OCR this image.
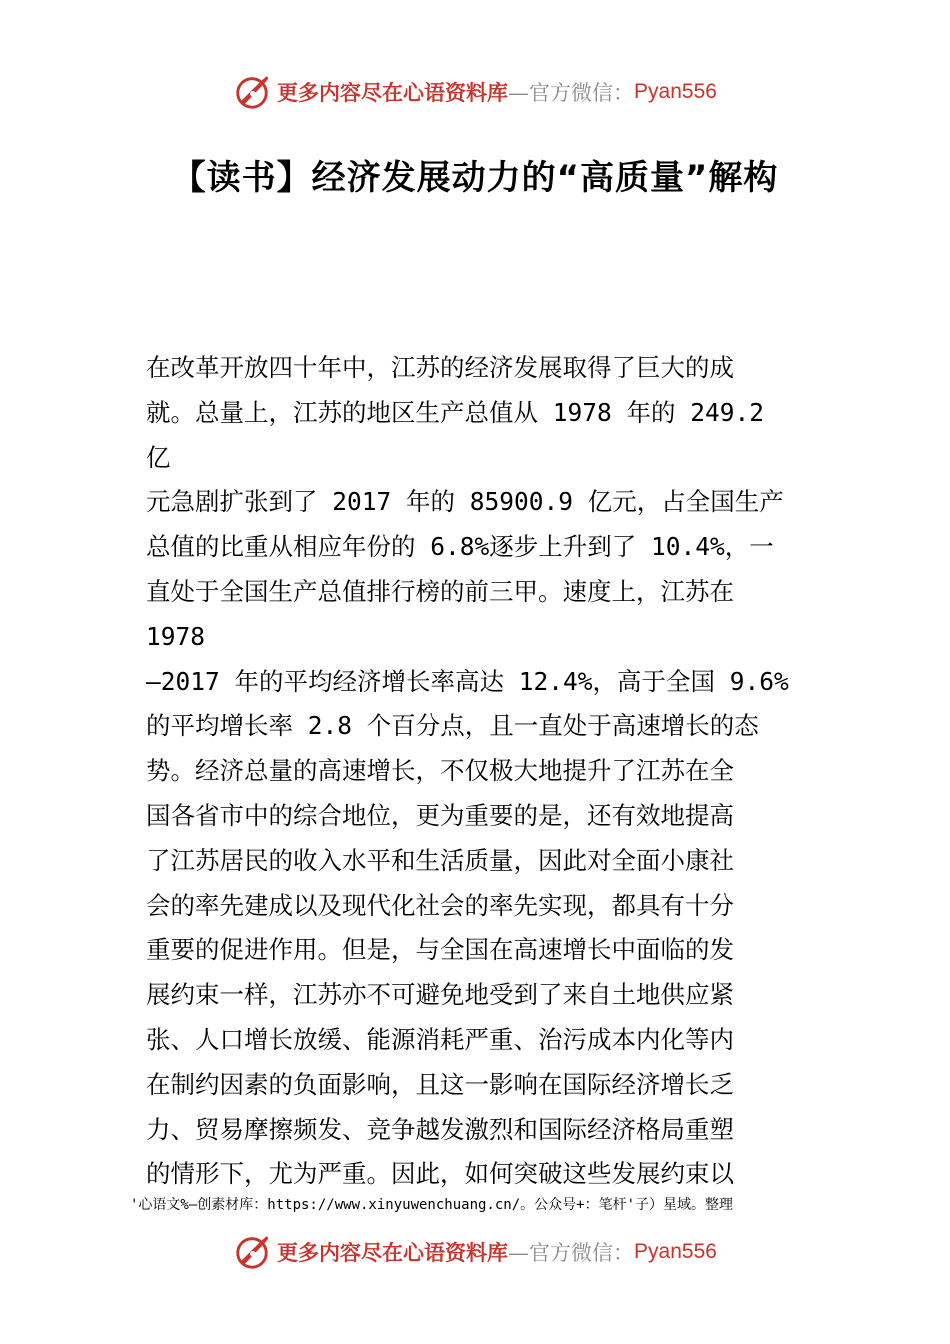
更多内容尽在心语资料库 —官方微信： Pyan556
【读书】经济发展动力的“高质量”解构
在改革开放四十年中，江苏的经济发展取得了巨大的成
就。总量上，江苏的地区生产总值从 1978 年的 249.2
亿
元急剧扩张到了 2017 年的 85900.9 亿元，占全国生产
总值的比重从相应年份的 6.8%逐步上升到了 10.4%，一
直处于全国生产总值排行榜的前三甲。速度上，江苏在
1978
—2017 年的平均经济增长率高达 12.4%，高于全国 9.6%
的平均增长率 2.8 个百分点，且一直处于高速增长的态
势。经济总量的高速增长，不仅极大地提升了江苏在全
国各省市中的综合地位，更为重要的是，还有效地提高
了江苏居民的收入水平和生活质量，因此对全面小康社
会的率先建成以及现代化社会的率先实现，都具有十分
重要的促进作用。但是，与全国在高速增长中面临的发
展约束一样，江苏亦不可避免地受到了来自土地供应紧
张、人口增长放缓、能源消耗严重、治污成本内化等内
在制约因素的负面影响，且这一影响在国际经济增长乏
力、贸易摩擦频发、竞争越发激烈和国际经济格局重塑
的情形下，尤为严重。因此，如何突破这些发展约束以
'心语文%—创素材库：https://www.xinyuwenchuang.cn/。公众号+：笔杆'子）星域。整理
更多内容尽在心语资料库 —官方微信： Pyan556
